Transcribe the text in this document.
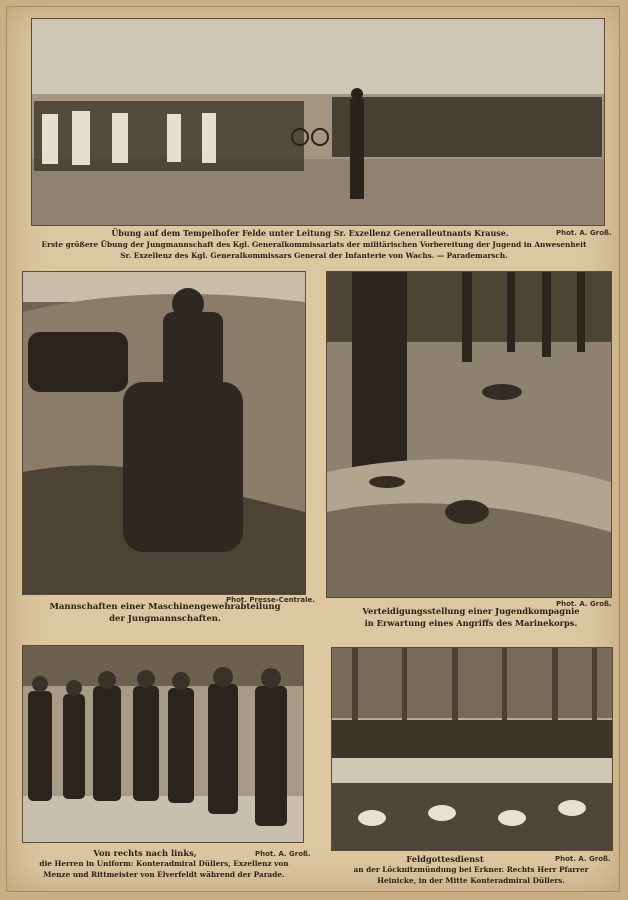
Übung auf dem Tempelhofer Felde unter Leitung Sr. Exzellenz Generalleutnants Krause.	Phot. A. Groß.
Erste größere Übung der Jungmannschaft des Kgl. Generalkommissariats der militärischen Vorbereitung der Jugend in Anwesenheit
Sr. Exzellenz des Kgl. Generalkommissars General der Infanterie von Wachs. — Parademarsch.
Phot. Presse-Centrale.
Mannschaften einer Maschinengewehrabteilung
der Jungmannschaften.
Phot. A. Groß.
Verteidigungsstellung einer Jugendkompagnie
in Erwartung eines Angriffs des Marinekorps.
Von rechts nach links,	Phot. A. Groß.
die Herren in Uniform: Konteradmiral Düllers, Exzellenz von
Menze und Rittmeister von Elverfeldt während der Parade.
Feldgottesdienst	Phot. A. Groß.
an der Löcknitzmündung bei Erkner. Rechts Herr Pfarrer
Heinicke, in der Mitte Konteradmiral Düllers.
